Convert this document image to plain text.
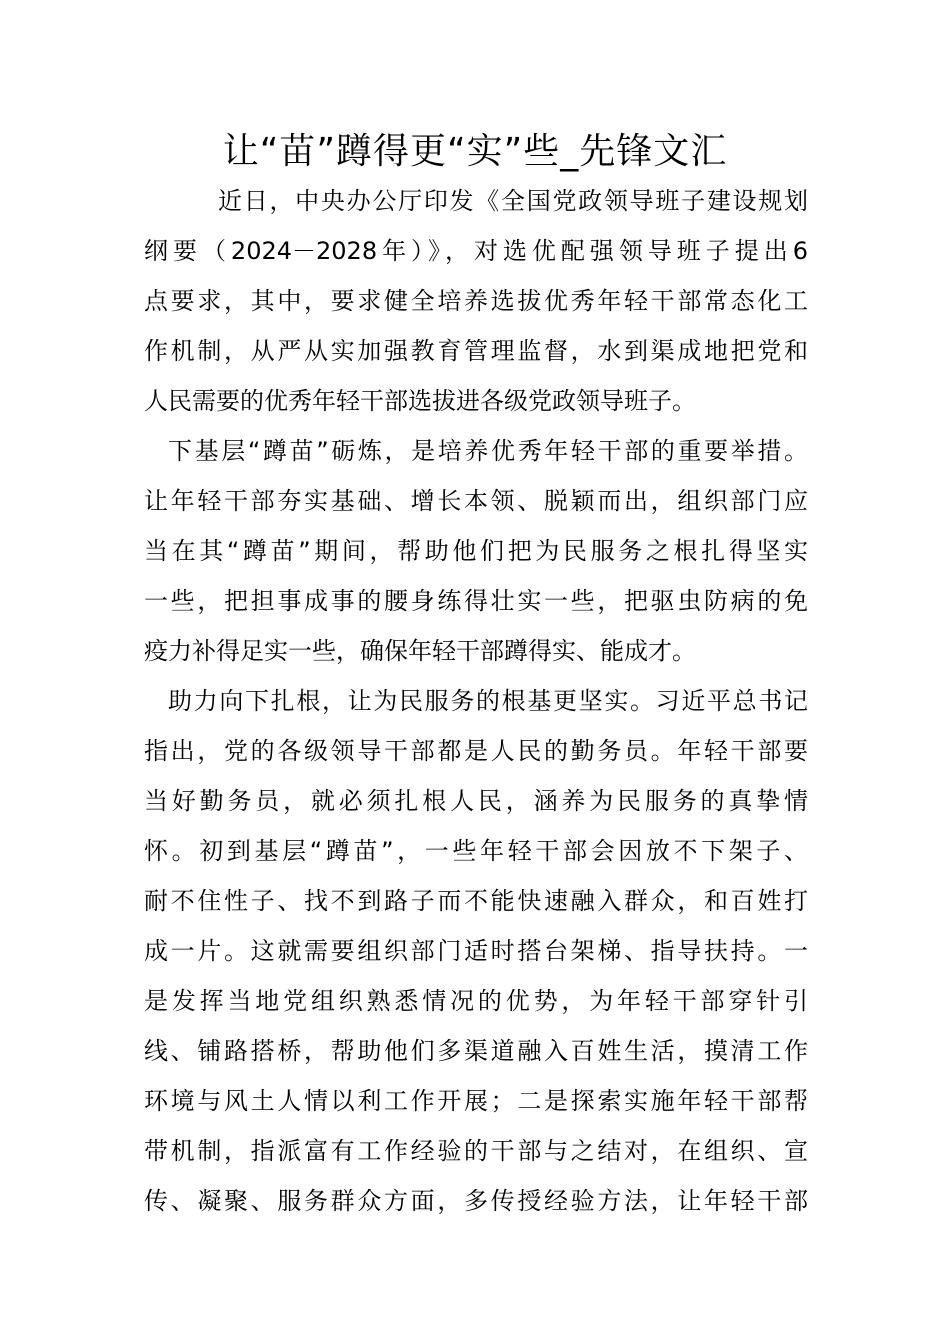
让“苗”蹲得更“实”些_先锋文汇
近日，中央办公厅印发《全国党政领导班子建设规划
纲要（2024－2028年）》，对选优配强领导班子提出6
点要求，其中，要求健全培养选拔优秀年轻干部常态化工
作机制，从严从实加强教育管理监督，水到渠成地把党和
人民需要的优秀年轻干部选拔进各级党政领导班子。
下基层“蹲苗”砺炼，是培养优秀年轻干部的重要举措。
让年轻干部夯实基础、增长本领、脱颖而出，组织部门应
当在其“蹲苗”期间，帮助他们把为民服务之根扎得坚实
一些，把担事成事的腰身练得壮实一些，把驱虫防病的免
疫力补得足实一些，确保年轻干部蹲得实、能成才。
助力向下扎根，让为民服务的根基更坚实。习近平总书记
指出，党的各级领导干部都是人民的勤务员。年轻干部要
当好勤务员，就必须扎根人民，涵养为民服务的真挚情
怀。初到基层“蹲苗”，一些年轻干部会因放不下架子、
耐不住性子、找不到路子而不能快速融入群众，和百姓打
成一片。这就需要组织部门适时搭台架梯、指导扶持。一
是发挥当地党组织熟悉情况的优势，为年轻干部穿针引
线、铺路搭桥，帮助他们多渠道融入百姓生活，摸清工作
环境与风土人情以利工作开展；二是探索实施年轻干部帮
带机制，指派富有工作经验的干部与之结对，在组织、宣
传、凝聚、服务群众方面，多传授经验方法，让年轻干部
